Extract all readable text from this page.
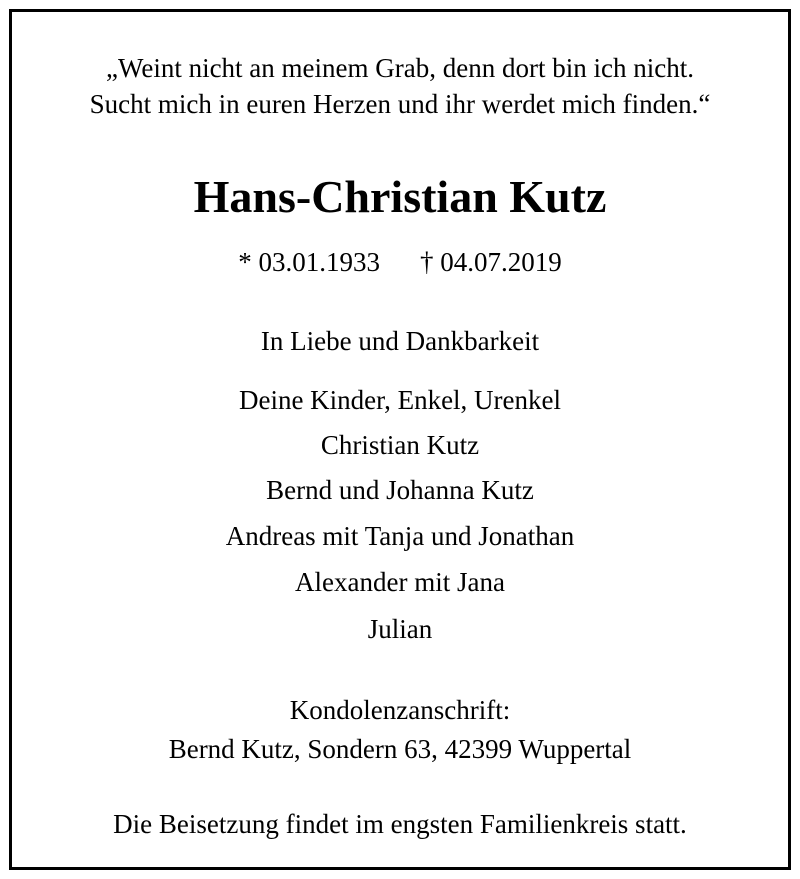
„Weint nicht an meinem Grab, denn dort bin ich nicht.
Sucht mich in euren Herzen und ihr werdet mich finden.“
Hans-Christian Kutz
* 03.01.1933 † 04.07.2019
In Liebe und Dankbarkeit
Deine Kinder, Enkel, Urenkel
Christian Kutz
Bernd und Johanna Kutz
Andreas mit Tanja und Jonathan
Alexander mit Jana
Julian
Kondolenzanschrift:
Bernd Kutz, Sondern 63, 42399 Wuppertal
Die Beisetzung findet im engsten Familienkreis statt.
